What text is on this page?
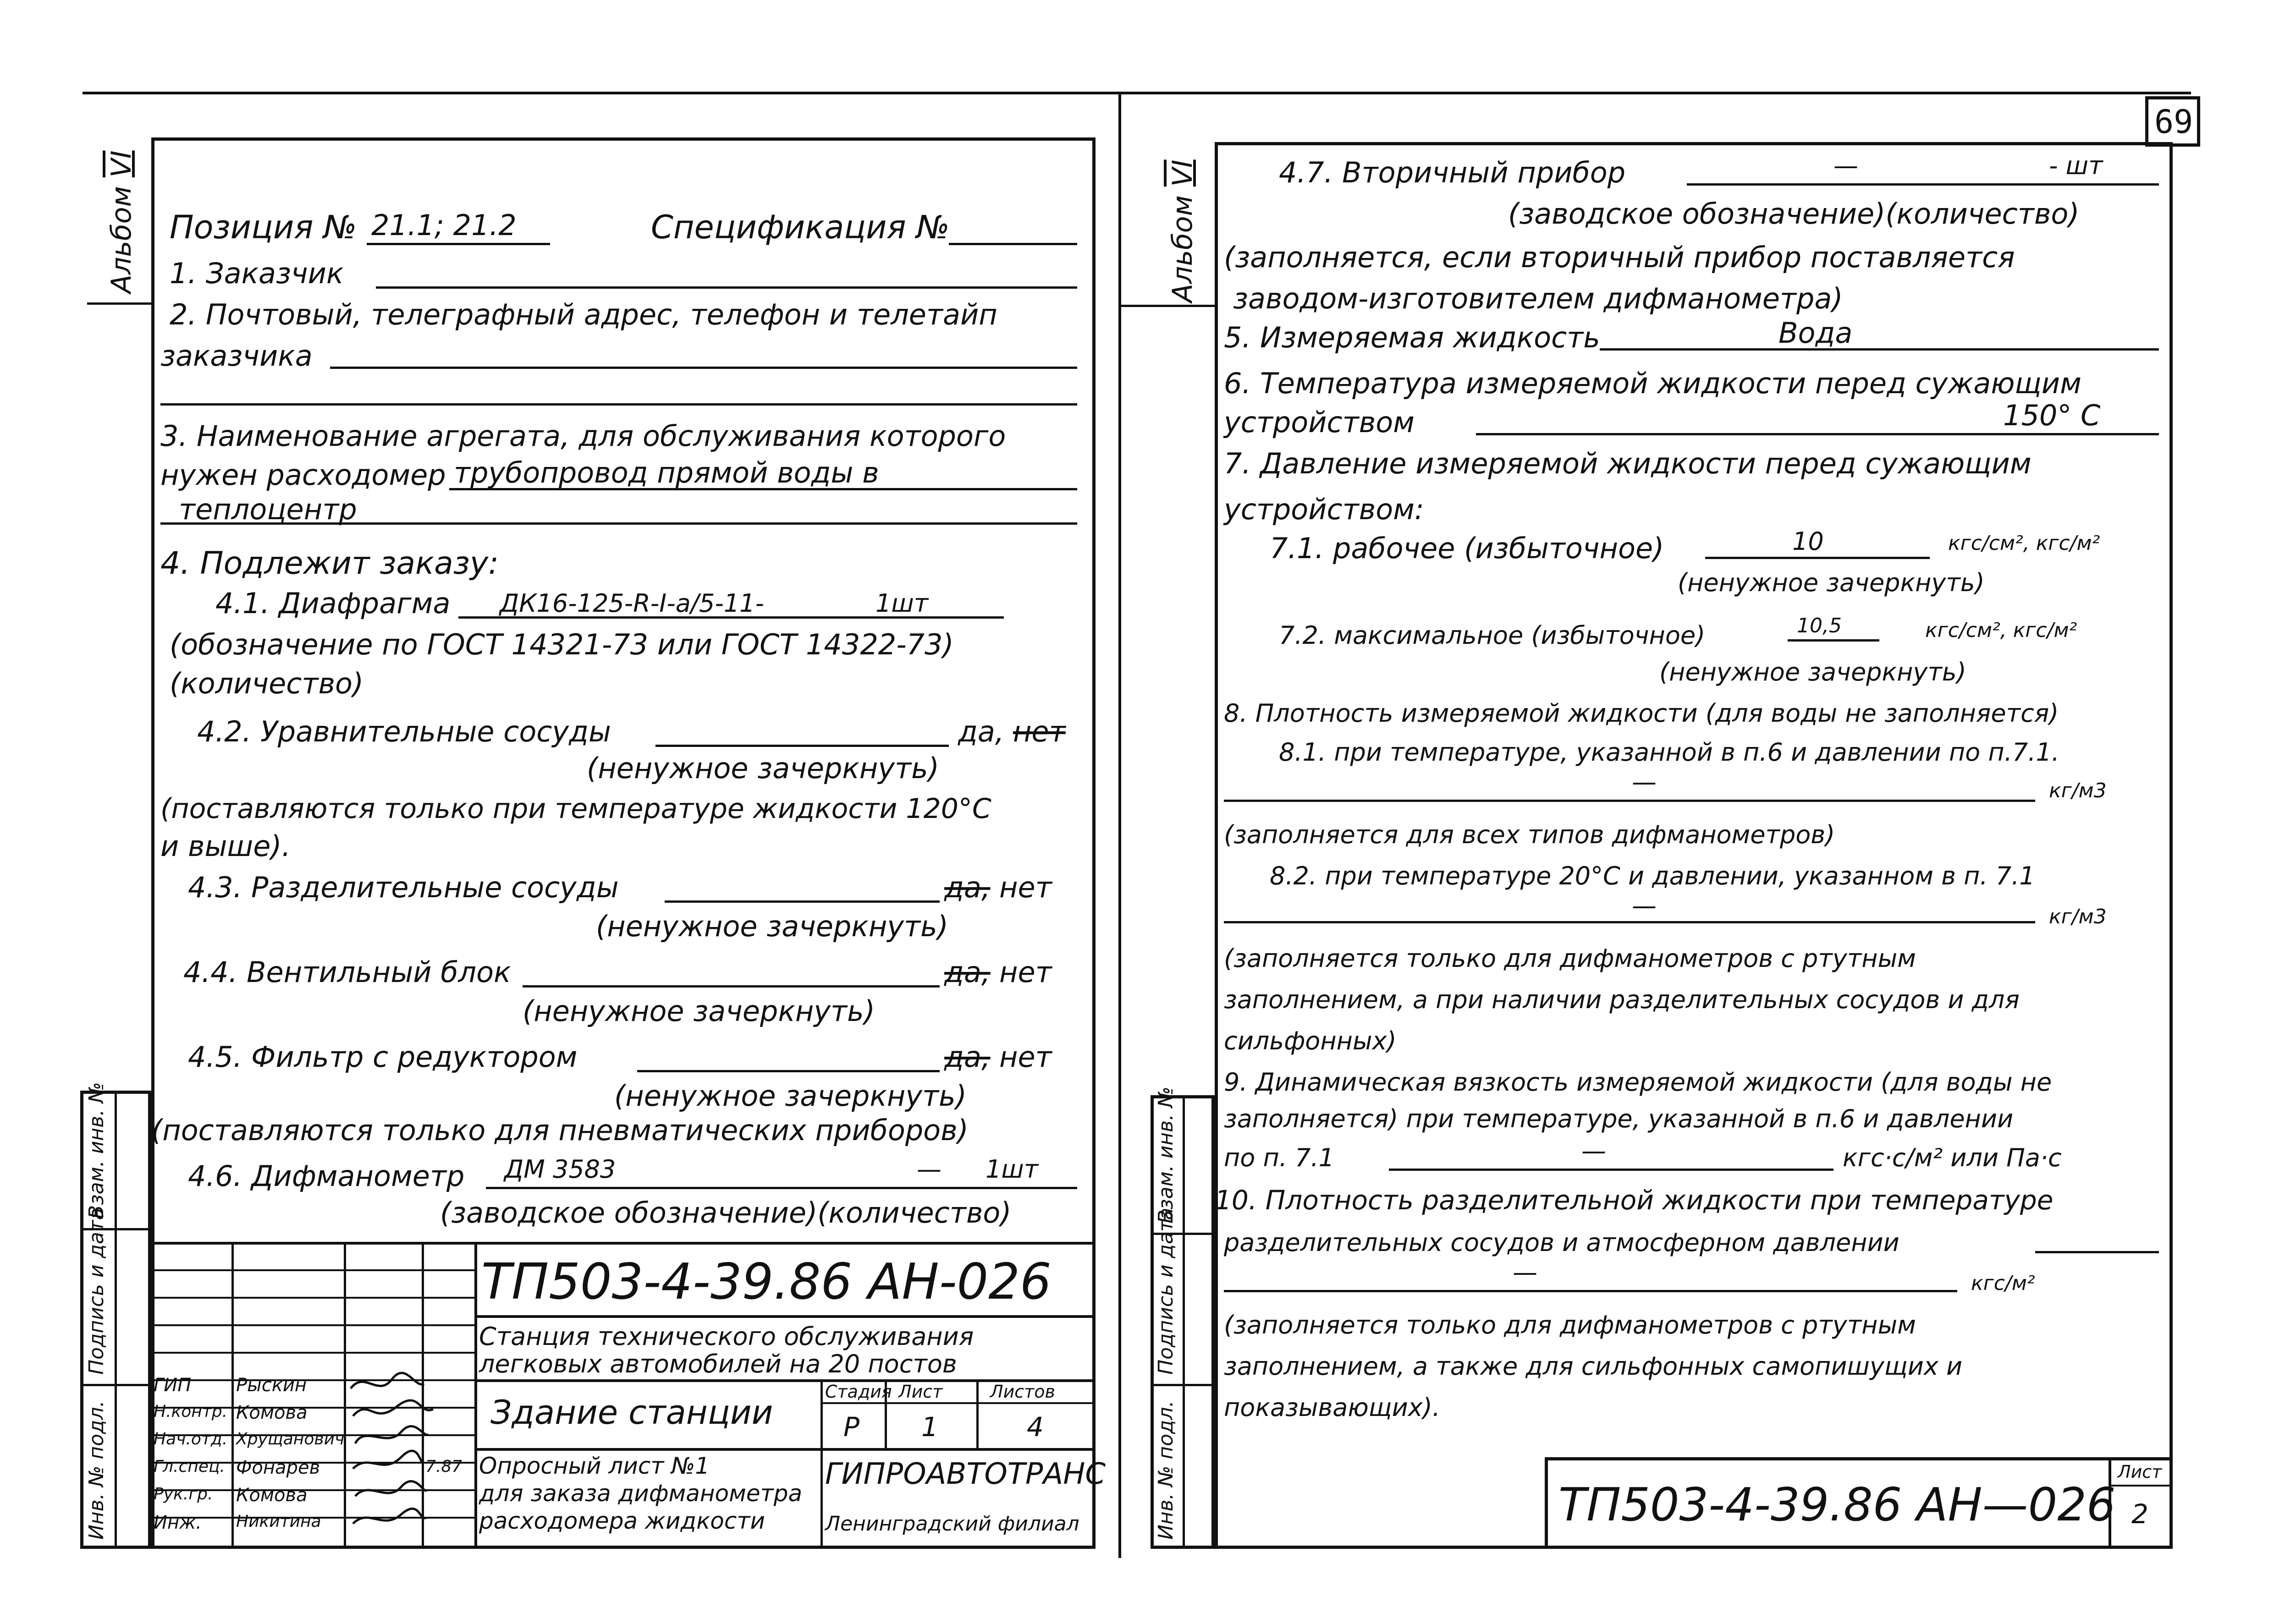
69
Альбом VI
Взам. инв. №
Подпись и дата
Инв. № подл.
Позиция № 21.1; 21.2	Спецификация №
1. Заказчик
2. Почтовый, телеграфный адрес, телефон и телетайп
заказчика
3. Наименование агрегата, для обслуживания которого
нужен расходомер трубопровод прямой воды в
теплоцентр
4. Подлежит заказу:
4.1. Диафрагма ДК16-125-R-I-a/5-11-	1шт
(обозначение по ГОСТ 14321-73 или ГОСТ 14322-73)
(количество)
4.2. Уравнительные сосуды	да, нет
(ненужное зачеркнуть)
(поставляются только при температуре жидкости 120°С
и выше).
4.3. Разделительные сосуды	да, нет
(ненужное зачеркнуть)
4.4. Вентильный блок	да, нет
(ненужное зачеркнуть)
4.5. Фильтр с редуктором	да, нет
(ненужное зачеркнуть)
(поставляются только для пневматических приборов)
4.6. Дифманометр ДМ 3583	— 1шт
(заводское обозначение)(количество)
ГИП Рыскин
Н.контр. Комова
Нач.отд. Хрущанович
Гл.спец. Фонарев
Рук.гр. Комова
Инж. Никитина
7.87
ТП503-4-39.86 АН-026
Станция технического обслуживания
легковых автомобилей на 20 постов
Здание станции
Стадия Лист	Листов
Р 1	4
Опросный лист №1
для заказа дифманометра
расходомера жидкости
ГИПРОАВТОТРАНС
Ленинградский филиал
Альбом VI
Взам. инв. №
Подпись и дата
Инв. № подл.
4.7. Вторичный прибор	—	- шт
(заводское обозначение)(количество)
(заполняется, если вторичный прибор поставляется
заводом-изготовителем дифманометра)
5. Измеряемая жидкость	Вода
6. Температура измеряемой жидкости перед сужающим
устройством	150° С
7. Давление измеряемой жидкости перед сужающим
устройством:
7.1. рабочее (избыточное)	10	кгс/см², кгс/м²
(ненужное зачеркнуть)
7.2. максимальное (избыточное)	10,5	кгс/см², кгс/м²
(ненужное зачеркнуть)
8. Плотность измеряемой жидкости (для воды не заполняется)
8.1. при температуре, указанной в п.6 и давлении по п.7.1.
—	кг/м3
(заполняется для всех типов дифманометров)
8.2. при температуре 20°С и давлении, указанном в п. 7.1
—	кг/м3
(заполняется только для дифманометров с ртутным
заполнением, а при наличии разделительных сосудов и для
сильфонных)
9. Динамическая вязкость измеряемой жидкости (для воды не
заполняется) при температуре, указанной в п.6 и давлении
по п. 7.1	—	кгс·с/м² или Па·с
10. Плотность разделительной жидкости при температуре
разделительных сосудов и атмосферном давлении
—	кгс/м²
(заполняется только для дифманометров с ртутным
заполнением, а также для сильфонных самопишущих и
показывающих).
ТП503-4-39.86 АН—026
Лист
2
